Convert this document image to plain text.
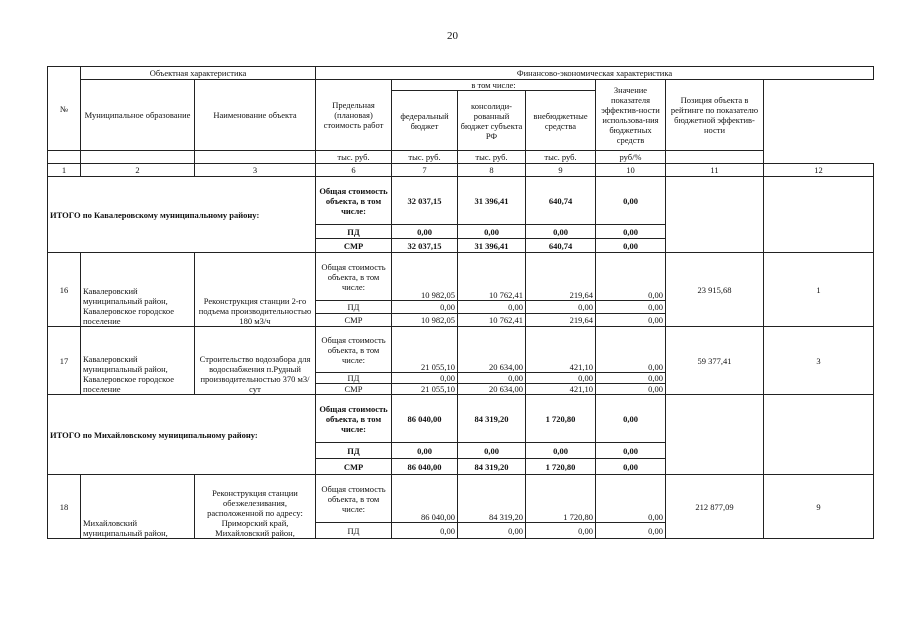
20
№	Объектная характеристика		Финансово-экономическая характеристика						
	Муниципальное образование	Наименование объекта	Предельная (плановая) стоимость работ	в том числе:			Значение показателя эффектив-ности использова-ния бюджетных средств	Позиция объекта в рейтинге по показателю бюджетной эффектив-ности	
				федеральный бюджет	консолиди-рованный бюджет субъекта РФ	внебюджетные средства			
			тыс. руб.	тыс. руб.	тыс. руб.	тыс. руб.	руб/%		
1	2	3	6	7	8	9	10	11	12
ИТОГО по Кавалеровскому муниципальному району:			Общая стоимость объекта, в том числе:	32 037,15	31 396,41	640,74	0,00		
			ПД	0,00	0,00	0,00	0,00		
			СМР	32 037,15	31 396,41	640,74	0,00		
16	Кавалеровский муниципальный район, Кавалеровское городское поселение	Реконструкция станции 2-го подъема производительностью 180 м3/ч	Общая стоимость объекта, в том числе:	10 982,05	10 762,41	219,64	0,00	23 915,68	1
			ПД	0,00	0,00	0,00	0,00		
			СМР	10 982,05	10 762,41	219,64	0,00		
17	Кавалеровский муниципальный район, Кавалеровское городское поселение	Строительство водозабора для водоснабжения п.Рудный производительностью 370 м3/сут	Общая стоимость объекта, в том числе:	21 055,10	20 634,00	421,10	0,00	59 377,41	3
			ПД	0,00	0,00	0,00	0,00		
			СМР	21 055,10	20 634,00	421,10	0,00		
ИТОГО по Михайловскому муниципальному району:			Общая стоимость объекта, в том числе:	86 040,00	84 319,20	1 720,80	0,00		
			ПД	0,00	0,00	0,00	0,00		
			СМР	86 040,00	84 319,20	1 720,80	0,00		
18	Михайловский муниципальный район,	Реконструкция станции обезжелезивания, расположенной по адресу: Приморский край, Михайловский район,	Общая стоимость объекта, в том числе:	86 040,00	84 319,20	1 720,80	0,00	212 877,09	9
			ПД	0,00	0,00	0,00	0,00		
